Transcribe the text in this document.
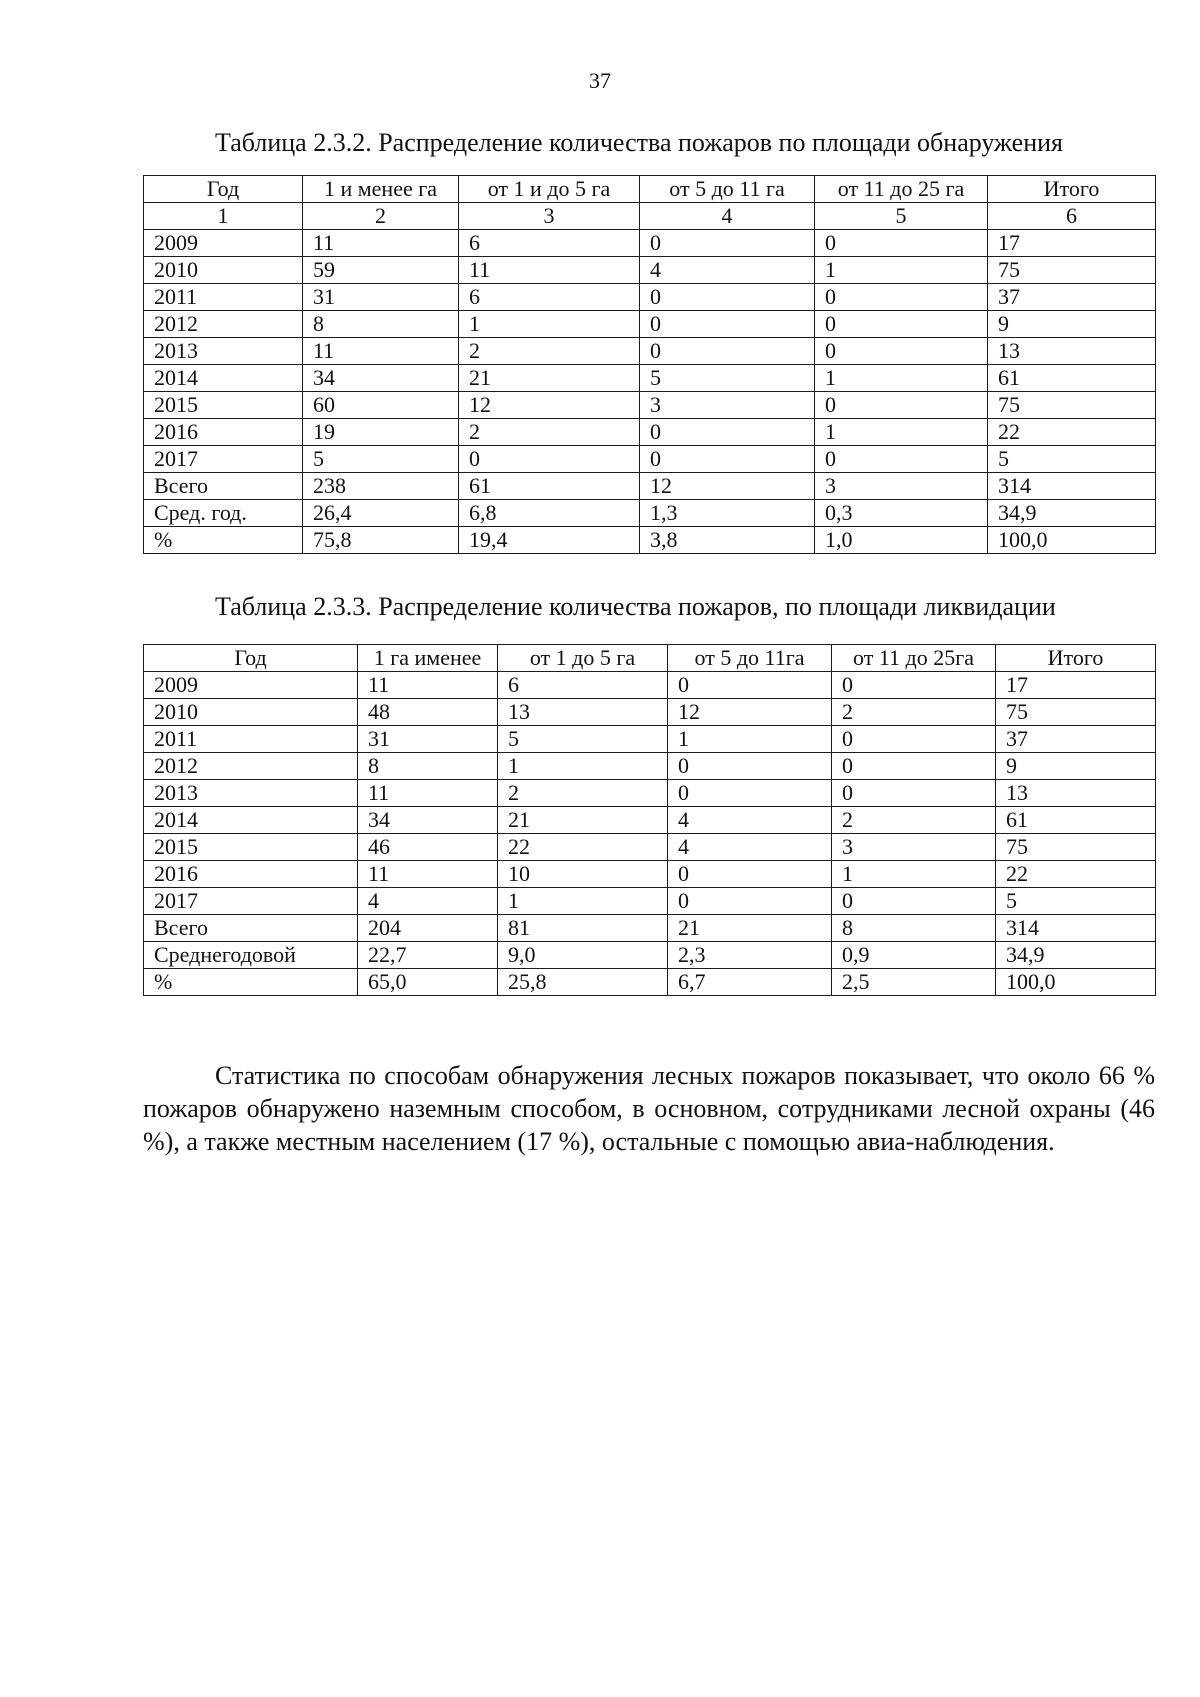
37
Таблица 2.3.2. Распределение количества пожаров по площади обнаружения
Год	1 и менее га	от 1 и до 5 га	от 5 до 11 га	от 11 до 25 га	Итого
1	2	3	4	5	6
2009	11	6	0	0	17
2010	59	11	4	1	75
2011	31	6	0	0	37
2012	8	1	0	0	9
2013	11	2	0	0	13
2014	34	21	5	1	61
2015	60	12	3	0	75
2016	19	2	0	1	22
2017	5	0	0	0	5
Всего	238	61	12	3	314
Сред. год.	26,4	6,8	1,3	0,3	34,9
%	75,8	19,4	3,8	1,0	100,0
Таблица 2.3.3. Распределение количества пожаров, по площади ликвидации
Год	1 га именее	от 1 до 5 га	от 5 до 11га	от 11 до 25га	Итого
2009	11	6	0	0	17
2010	48	13	12	2	75
2011	31	5	1	0	37
2012	8	1	0	0	9
2013	11	2	0	0	13
2014	34	21	4	2	61
2015	46	22	4	3	75
2016	11	10	0	1	22
2017	4	1	0	0	5
Всего	204	81	21	8	314
Среднегодовой	22,7	9,0	2,3	0,9	34,9
%	65,0	25,8	6,7	2,5	100,0

Статистика по способам обнаружения лесных пожаров показывает, что около 66 % пожаров обнаружено наземным способом, в основном, сотрудниками лесной охраны (46 %), а также местным населением (17 %), остальные с помощью авиа-наблюдения.
